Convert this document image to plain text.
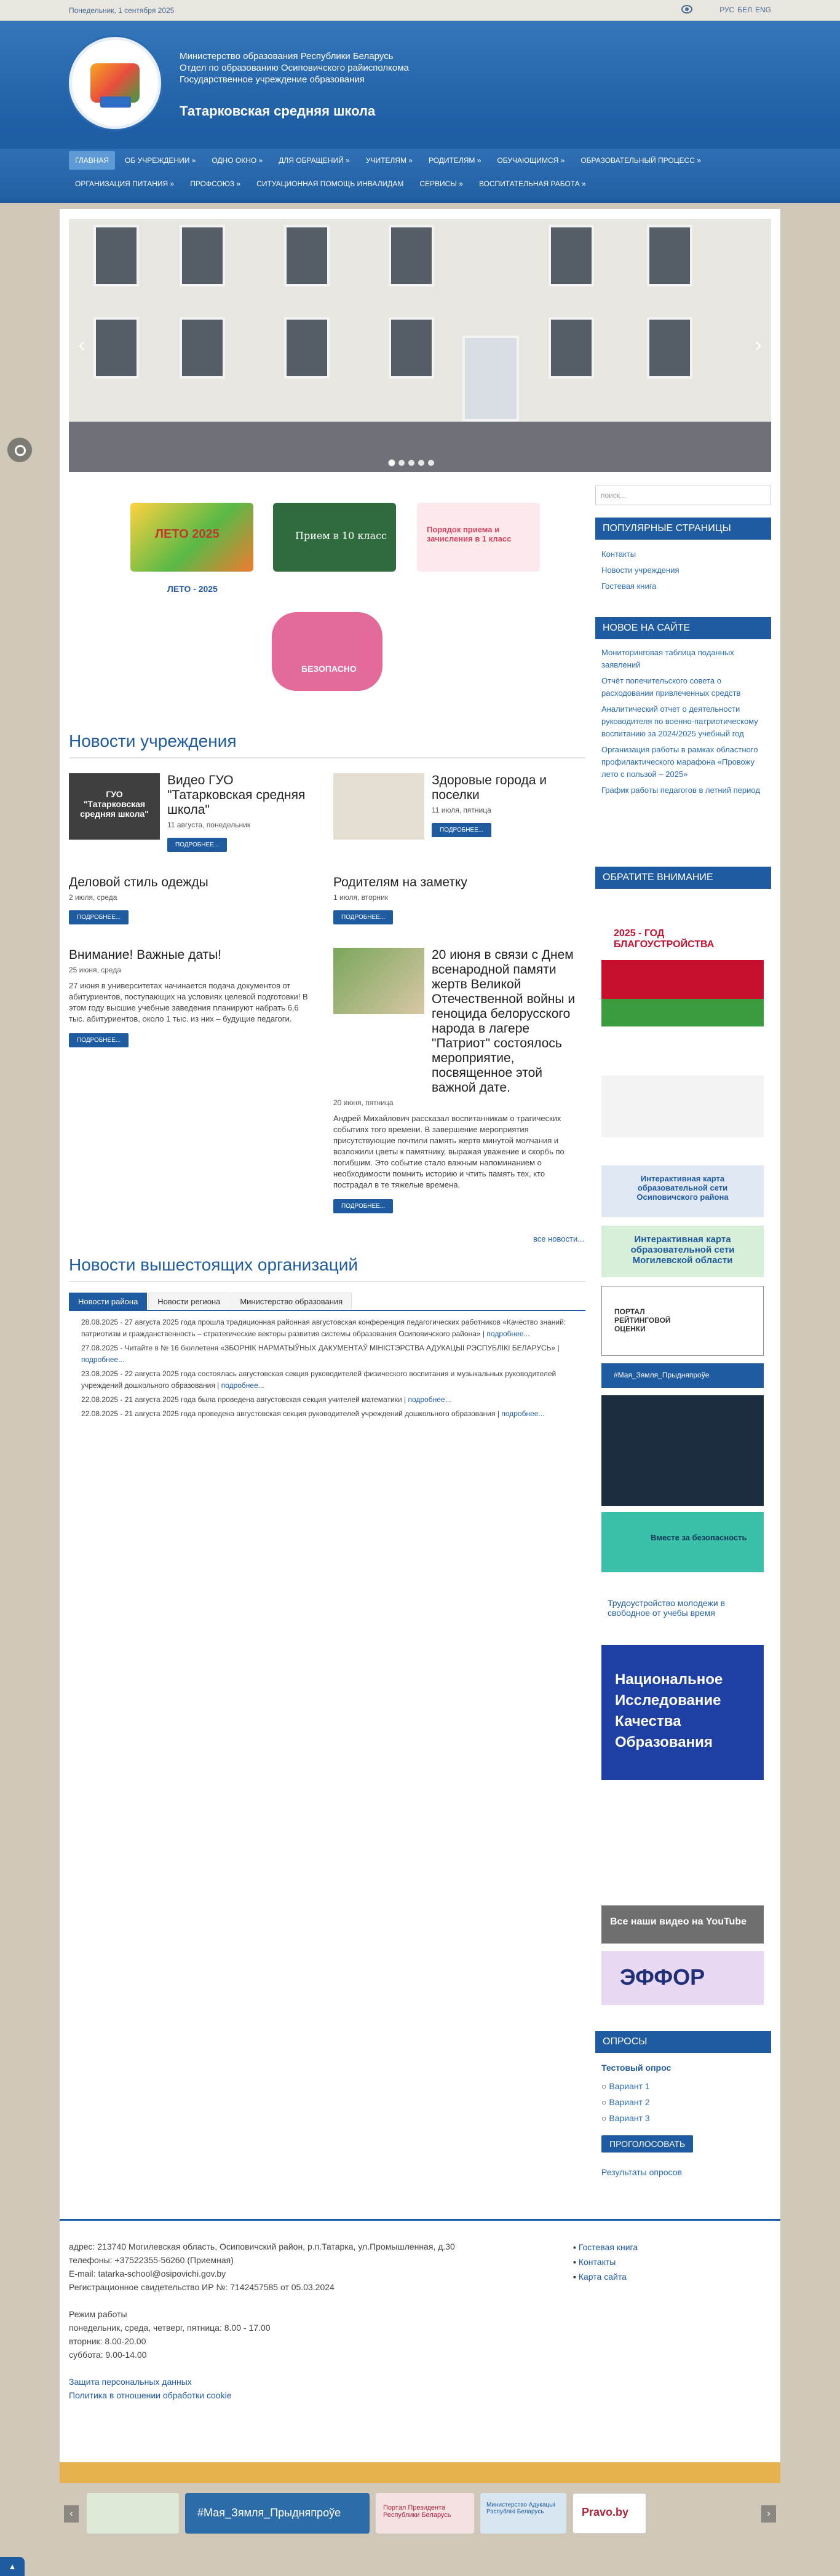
Понедельник, 1 сентября 2025	РУС БЕЛ ENG
Министерство образования Республики Беларусь
Отдел по образованию Осиповичского райисполкома
Государственное учреждение образования
Татарковская средняя школа
ГЛАВНАЯ	ОБ УЧРЕЖДЕНИИ »	ОДНО ОКНО »	ДЛЯ ОБРАЩЕНИЙ »	УЧИТЕЛЯМ »	РОДИТЕЛЯМ »	ОБУЧАЮЩИМСЯ »	ОБРАЗОВАТЕЛЬНЫЙ ПРОЦЕСС »
ОРГАНИЗАЦИЯ ПИТАНИЯ »	ПРОФСОЮЗ »	СИТУАЦИОННАЯ ПОМОЩЬ ИНВАЛИДАМ	СЕРВИСЫ »	ВОСПИТАТЕЛЬНАЯ РАБОТА »
‹	›
ЛЕТО 2025	Прием в 10 класс
Порядок приема и зачисления в 1 класс
ЛЕТО - 2025
БЕЗОПАСНО
Новости учреждения
ГУО "Татарковская средняя школа"
Видео ГУО "Татарковская средняя школа"
11 августа, понедельник
ПОДРОБНЕЕ...
Здоровые города и поселки
11 июля, пятница
ПОДРОБНЕЕ...
Деловой стиль одежды
2 июля, среда
ПОДРОБНЕЕ...
Родителям на заметку
1 июля, вторник
ПОДРОБНЕЕ...
Внимание! Важные даты!
25 июня, среда
27 июня в университетах начинается подача документов от абитуриентов, поступающих на условиях целевой подготовки! В этом году высшие учебные заведения планируют набрать 6,6 тыс. абитуриентов, около 1 тыс. из них – будущие педагоги.
ПОДРОБНЕЕ...
20 июня в связи с Днем всенародной памяти жертв Великой Отечественной войны и геноцида белорусского народа в лагере "Патриот" состоялось мероприятие, посвященное этой важной дате.
20 июня, пятница
Андрей Михайлович рассказал воспитанникам о трагических событиях того времени. В завершение мероприятия присутствующие почтили память жертв минутой молчания и возложили цветы к памятнику, выражая уважение и скорбь по погибшим. Это событие стало важным напоминанием о необходимости помнить историю и чтить память тех, кто пострадал в те тяжелые времена.
ПОДРОБНЕЕ...
все новости...
Новости вышестоящих организаций
Новости района	Новости региона	Министерство образования
28.08.2025 - 27 августа 2025 года прошла традиционная районная августовская конференция педагогических работников «Качество знаний: патриотизм и гражданственность – стратегические векторы развития системы образования Осиповичского района» | подробнее...
27.08.2025 - Читайте в № 16 бюллетеня «ЗБОРНІК НАРМАТЫЎНЫХ ДАКУМЕНТАЎ МІНІСТЭРСТВА АДУКАЦЫІ РЭСПУБЛІКІ БЕЛАРУСЬ» | подробнее...
23.08.2025 - 22 августа 2025 года состоялась августовская секция руководителей физического воспитания и музыкальных руководителей учреждений дошкольного образования | подробнее...
22.08.2025 - 21 августа 2025 года была проведена августовская секция учителей математики | подробнее...
22.08.2025 - 21 августа 2025 года проведена августовская секция руководителей учреждений дошкольного образования | подробнее...
поиск...
ПОПУЛЯРНЫЕ СТРАНИЦЫ
Контакты
Новости учреждения
Гостевая книга
НОВОЕ НА САЙТЕ
Мониторинговая таблица поданных заявлений
Отчёт попечительского совета о расходовании привлеченных средств
Аналитический отчет о деятельности руководителя по военно-патриотическому воспитанию за 2024/2025 учебный год
Организация работы в рамках областного профилактического марафона «Провожу лето с пользой – 2025»
График работы педагогов в летний период
ОБРАТИТЕ ВНИМАНИЕ
2025 - ГОД БЛАГОУСТРОЙСТВА
Интерактивная карта образовательной сети Осиповичского района
Интерактивная карта образовательной сети Могилевской области
ПОРТАЛ РЕЙТИНГОВОЙ ОЦЕНКИ
#Мая_Зямля_Прыдняпроўе
Вместе за безопасность
Трудоустройство молодежи в свободное от учебы время
Национальное Исследование Качества Образования
Все наши видео на YouTube
ЭФФОР
ОПРОСЫ
Тестовый опрос
○ Вариант 1
○ Вариант 2
○ Вариант 3
ПРОГОЛОСОВАТЬ
Результаты опросов
адрес: 213740 Могилевская область, Осиповичский район, р.п.Татарка, ул.Промышленная, д.30
телефоны: +37522355-56260 (Приемная)
E-mail: tatarka-school@osipovichi.gov.by
Регистрационное свидетельство ИР №: 7142457585 от 05.03.2024
Режим работы
понедельник, среда, четверг, пятница: 8.00 - 17.00
вторник: 8.00-20.00
суббота: 9.00-14.00
Защита персональных данных
Политика в отношении обработки cookie
▪ Гостевая книга
▪ Контакты
▪ Карта сайта
‹	#Мая_Зямля_Прыдняпроўе	Портал Президента Республики Беларусь
Министерство Адукацыі Рэспублікі Беларусь	Pravo.by	›
▲
